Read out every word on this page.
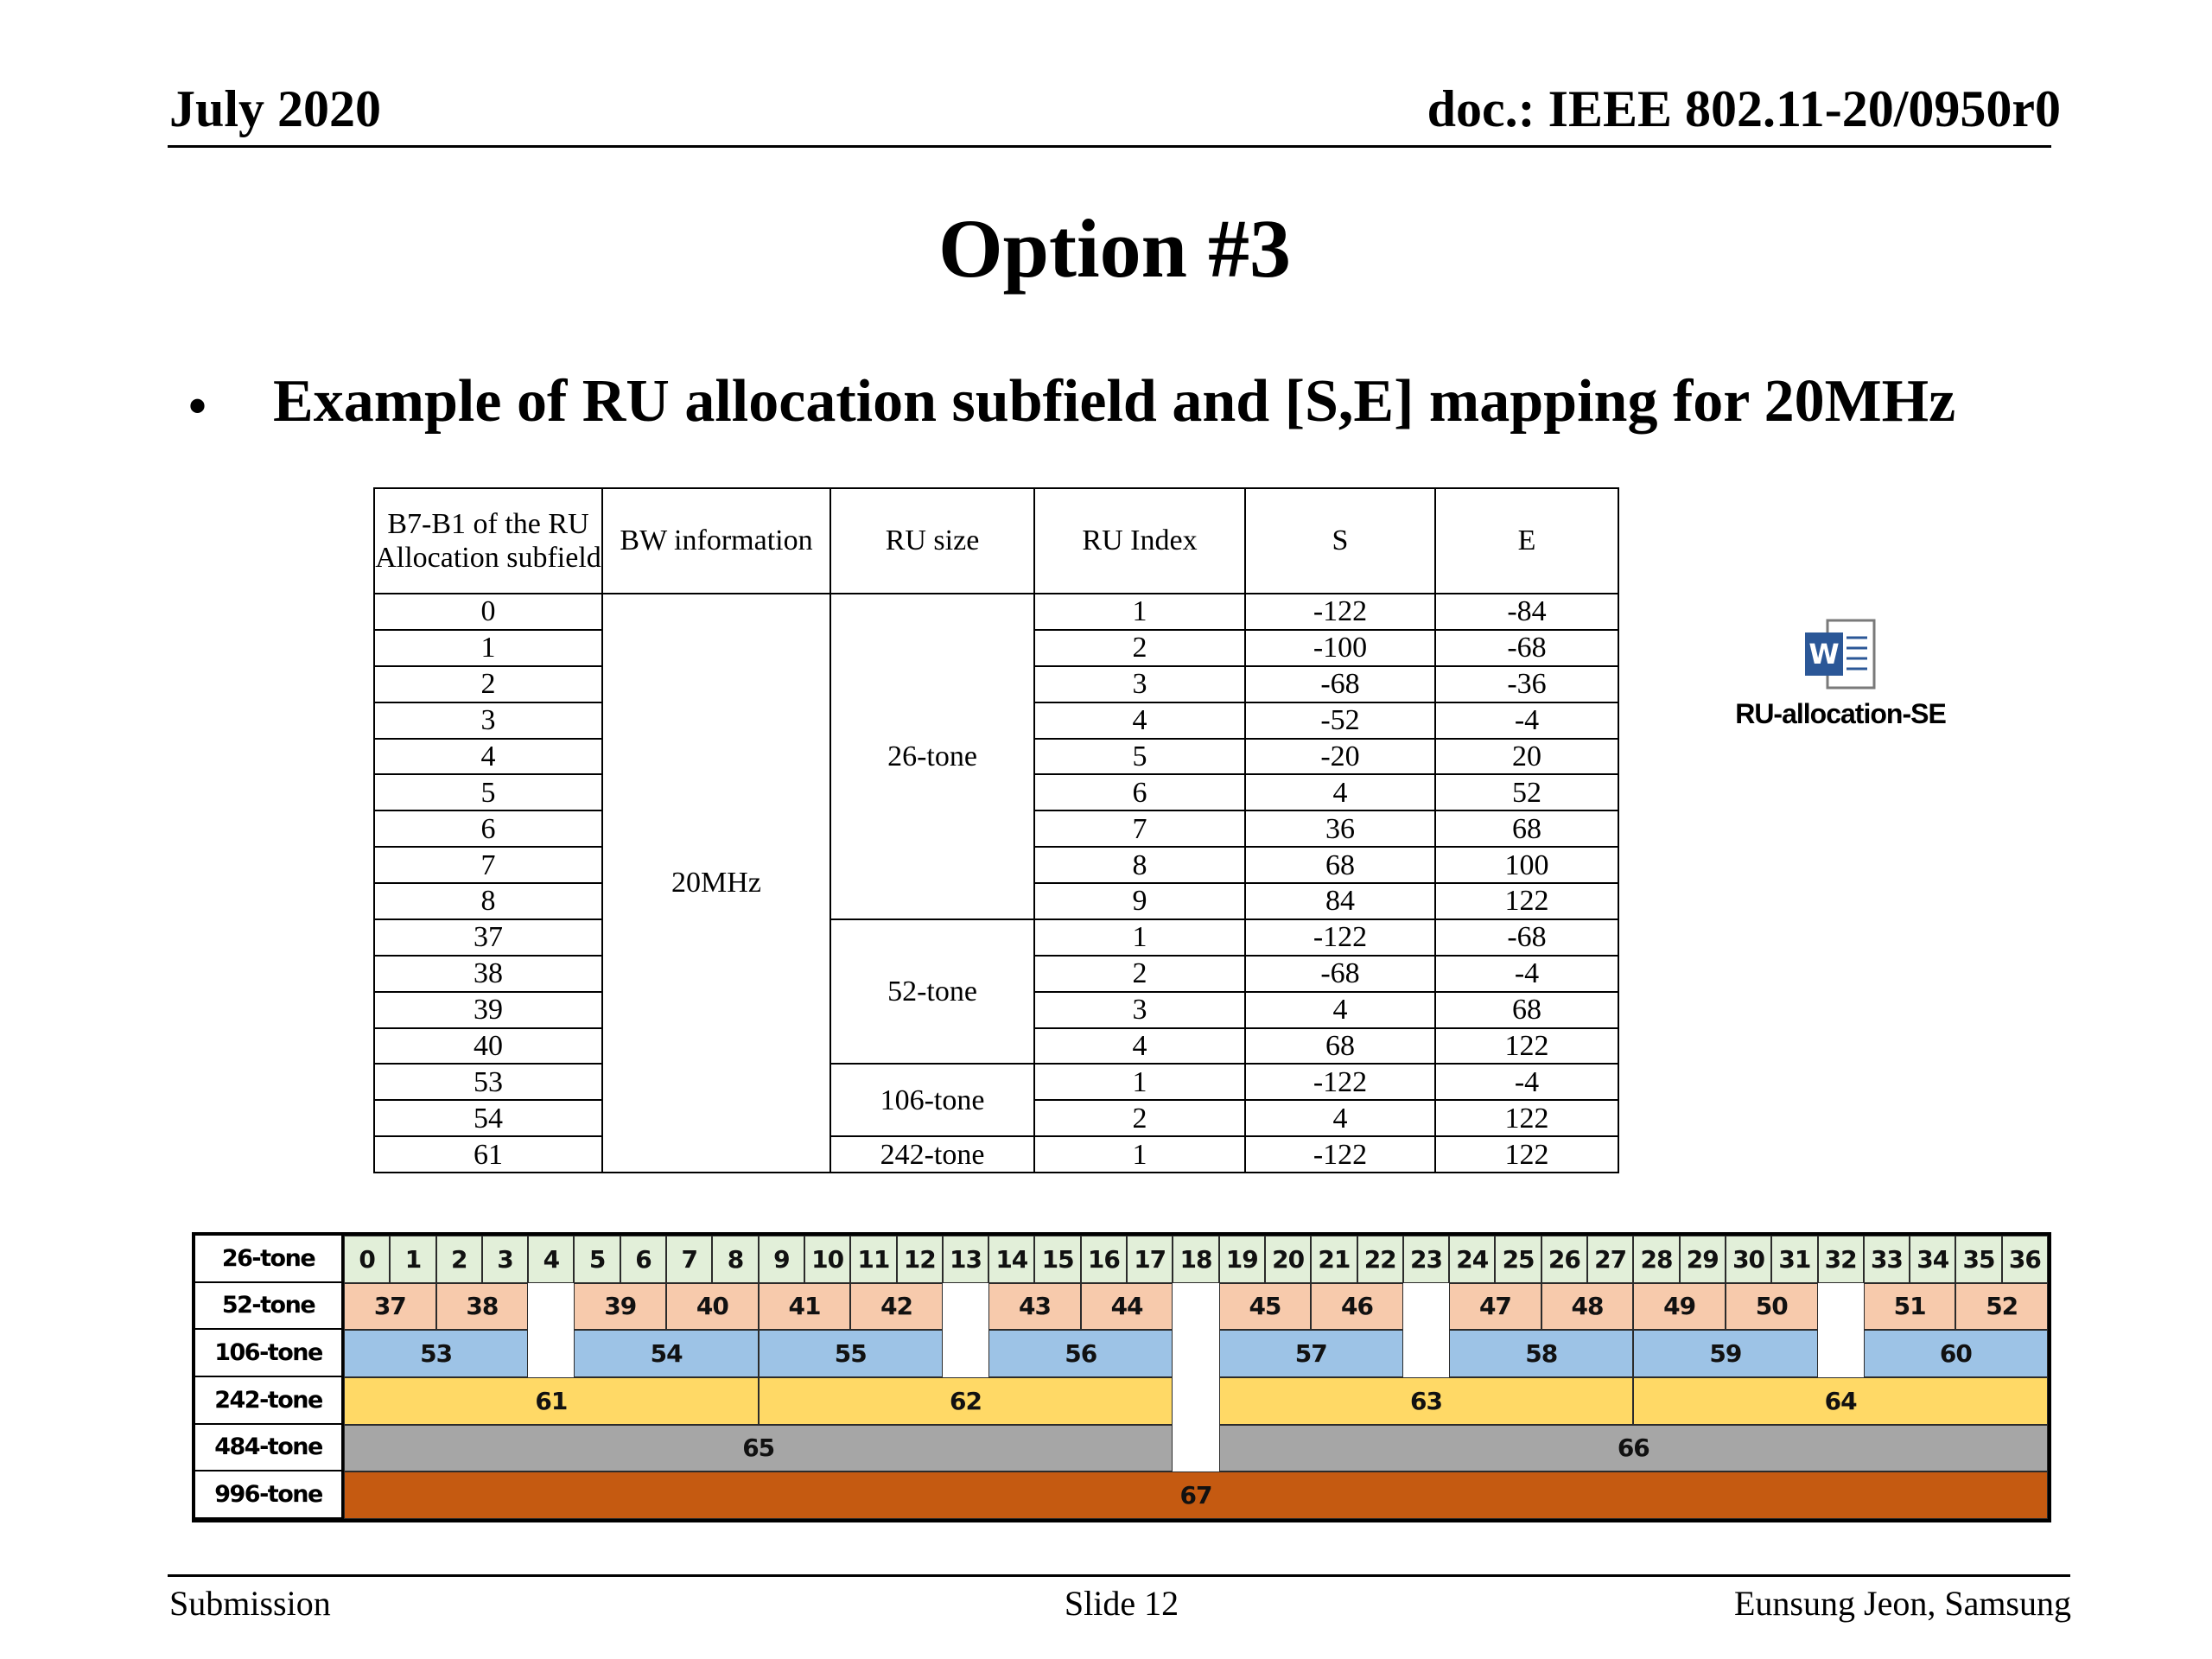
July 2020	doc.: IEEE 802.11-20/0950r0
Option #3
• Example of RU allocation subfield and [S,E] mapping for 20MHz
B7-B1 of the RU Allocation subfield	BW information	RU size	RU Index	S	E
0	20MHz	26-tone	1	-122	-84
1			2	-100	-68
2			3	-68	-36
3			4	-52	-4
4			5	-20	20
5			6	4	52
6			7	36	68
7			8	68	100
8			9	84	122
37		52-tone	1	-122	-68
38			2	-68	-4
39			3	4	68
40			4	68	122
53		106-tone	1	-122	-4
54			2	4	122
61		242-tone	1	-122	122
W
RU-allocation-SE
26-tone	0	1	2	3	4	5	6	7	8	9 10 11 12 13 14 15 16 17 18 19 20 21 22 23 24 25 26 27 28 29 30 31 32 33 34 35 36
52-tone	37	38	39	40	41	42	43	44	45	46	47	48	49	50	51	52
106-tone	53	54	55	56	57	58	59	60
242-tone	61	62	63	64
484-tone	65	66
996-tone	67
Submission	Slide 12	Eunsung Jeon, Samsung
